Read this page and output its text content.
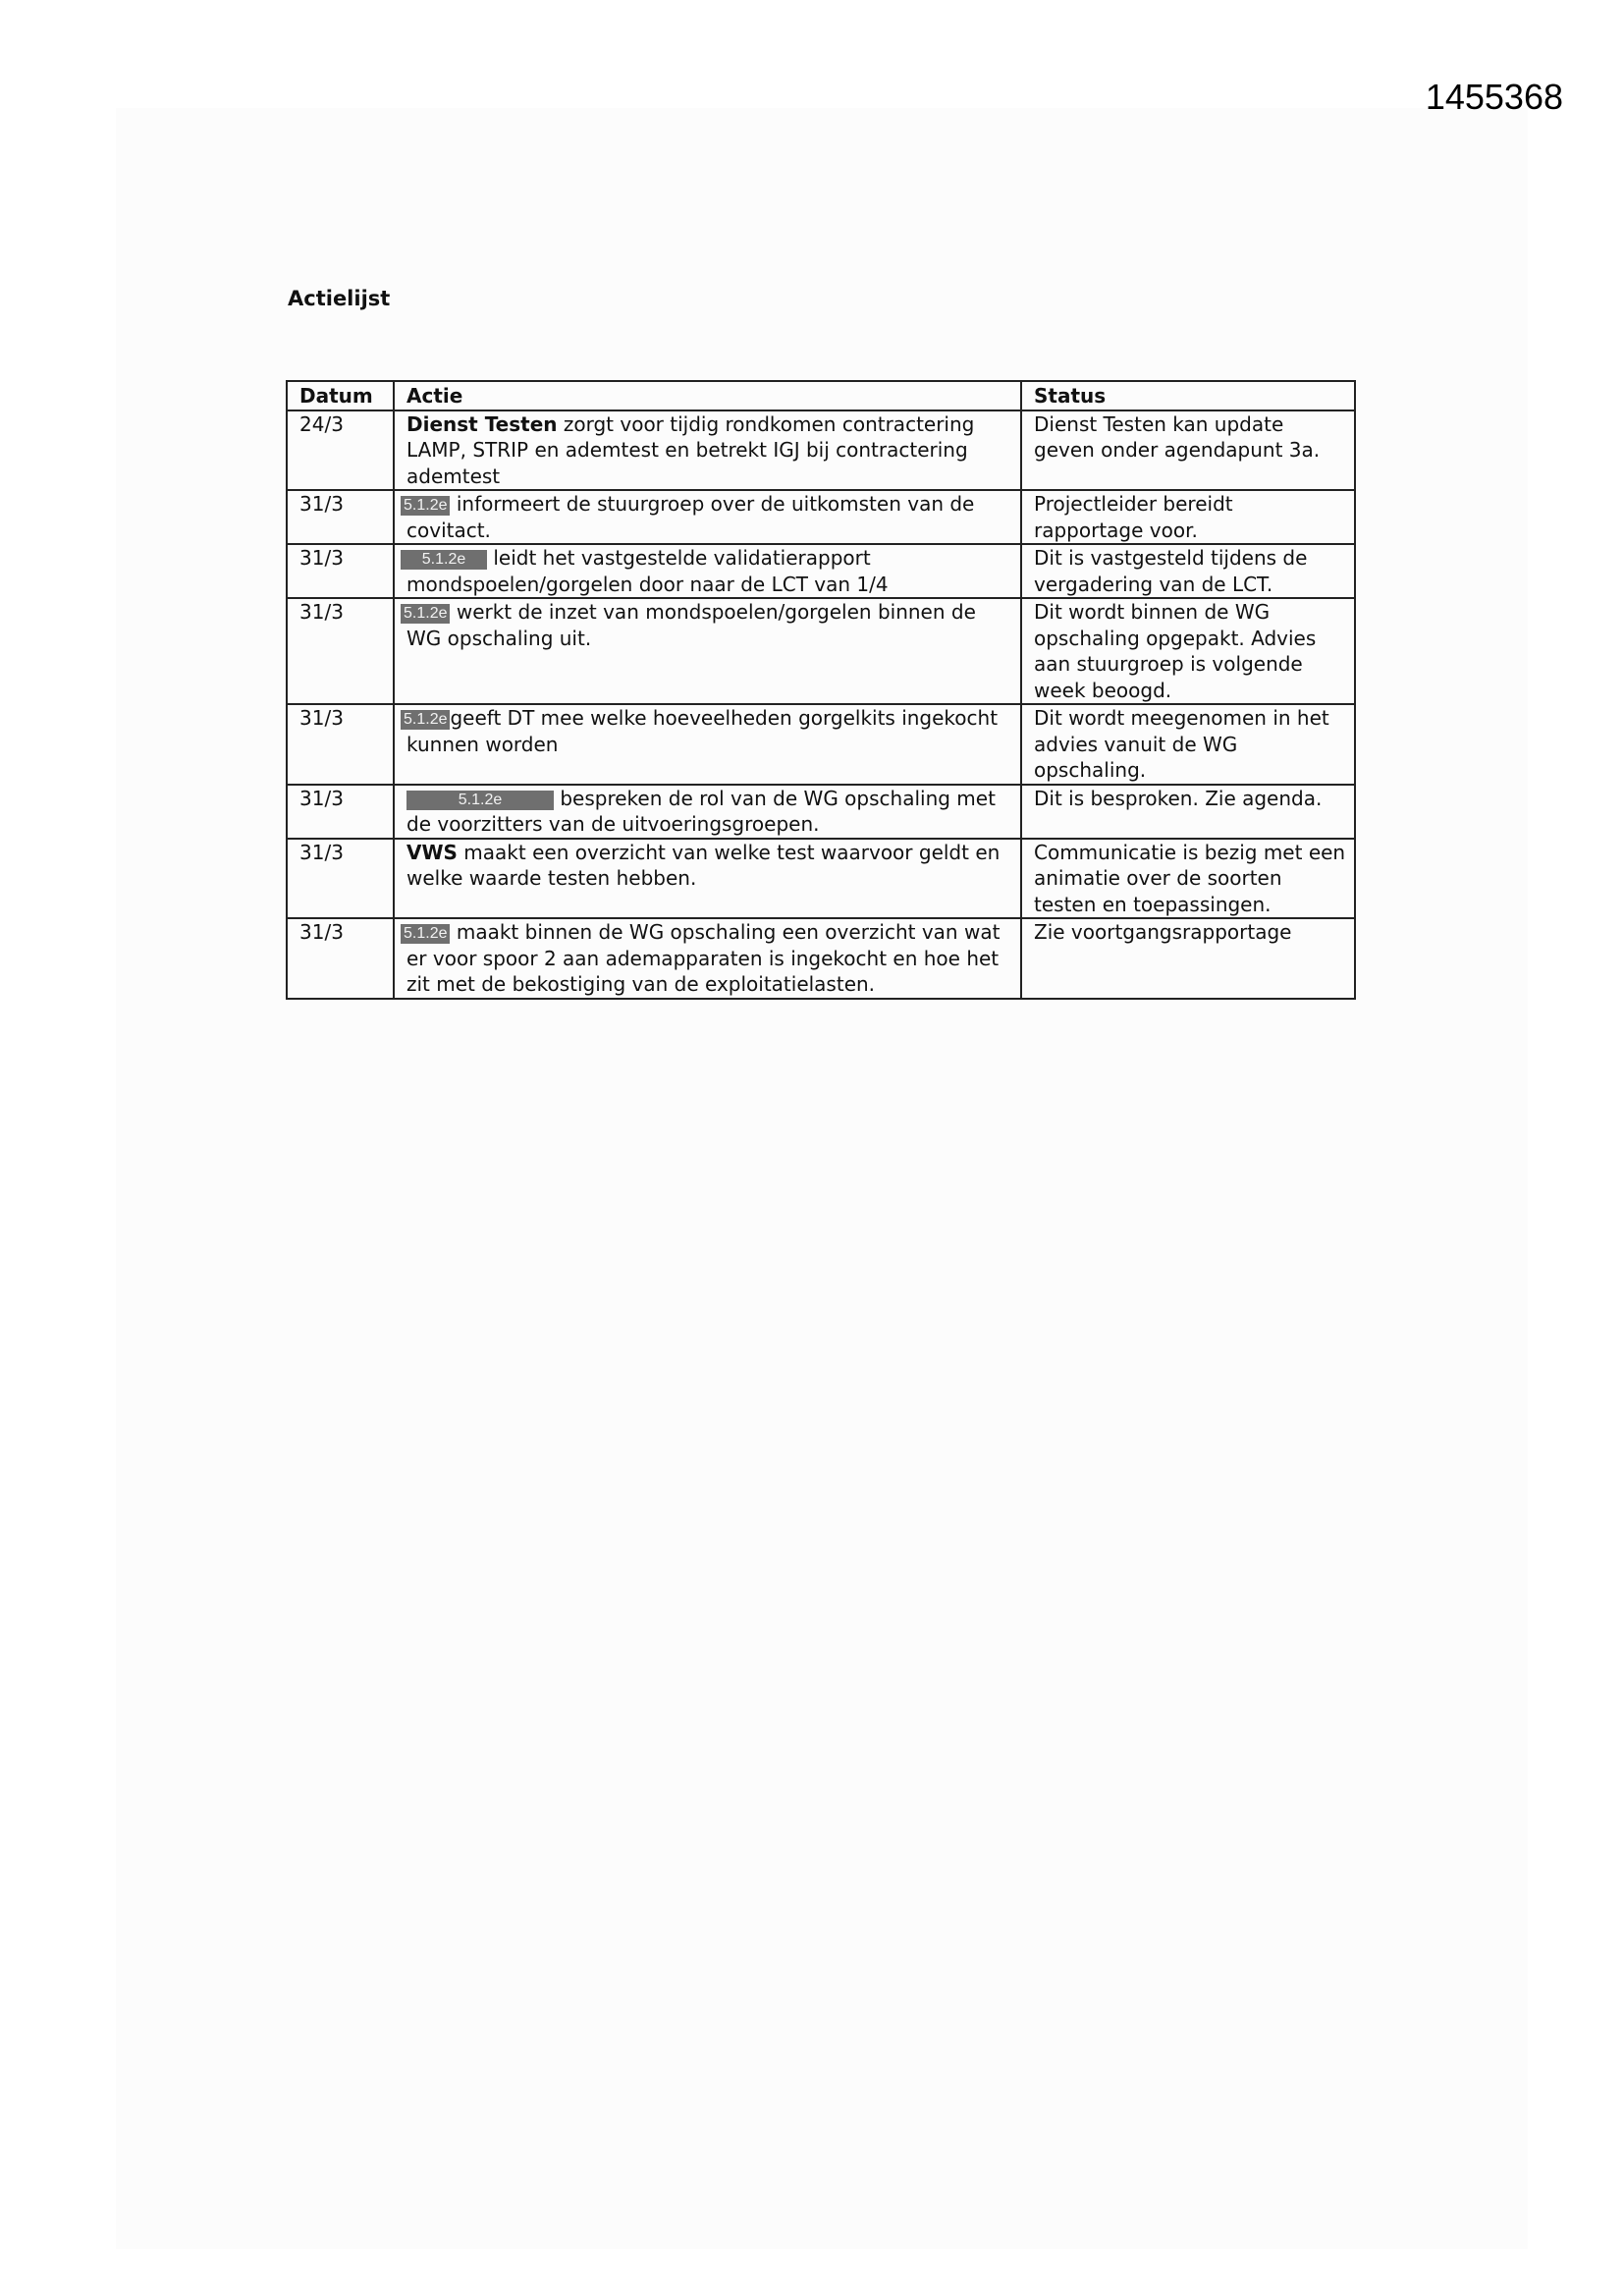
1455368
Actielijst
Datum	Actie	Status
24/3	Dienst Testen zorgt voor tijdig rondkomen contractering LAMP, STRIP en ademtest en betrekt IGJ bij contractering ademtest	Dienst Testen kan update geven onder agendapunt 3a.
31/3	5.1.2e informeert de stuurgroep over de uitkomsten van de covitact.	Projectleider bereidt rapportage voor.
31/3	5.1.2e leidt het vastgestelde validatierapport mondspoelen/gorgelen door naar de LCT van 1/4	Dit is vastgesteld tijdens de vergadering van de LCT.
31/3	5.1.2e werkt de inzet van mondspoelen/gorgelen binnen de WG opschaling uit.	Dit wordt binnen de WG opschaling opgepakt. Advies aan stuurgroep is volgende week beoogd.
31/3	5.1.2e geeft DT mee welke hoeveelheden gorgelkits ingekocht kunnen worden	Dit wordt meegenomen in het advies vanuit de WG opschaling.
31/3	5.1.2e bespreken de rol van de WG opschaling met de voorzitters van de uitvoeringsgroepen.	Dit is besproken. Zie agenda.
31/3	VWS maakt een overzicht van welke test waarvoor geldt en welke waarde testen hebben.	Communicatie is bezig met een animatie over de soorten testen en toepassingen.
31/3	5.1.2e maakt binnen de WG opschaling een overzicht van wat er voor spoor 2 aan ademapparaten is ingekocht en hoe het zit met de bekostiging van de exploitatielasten.	Zie voortgangsrapportage
